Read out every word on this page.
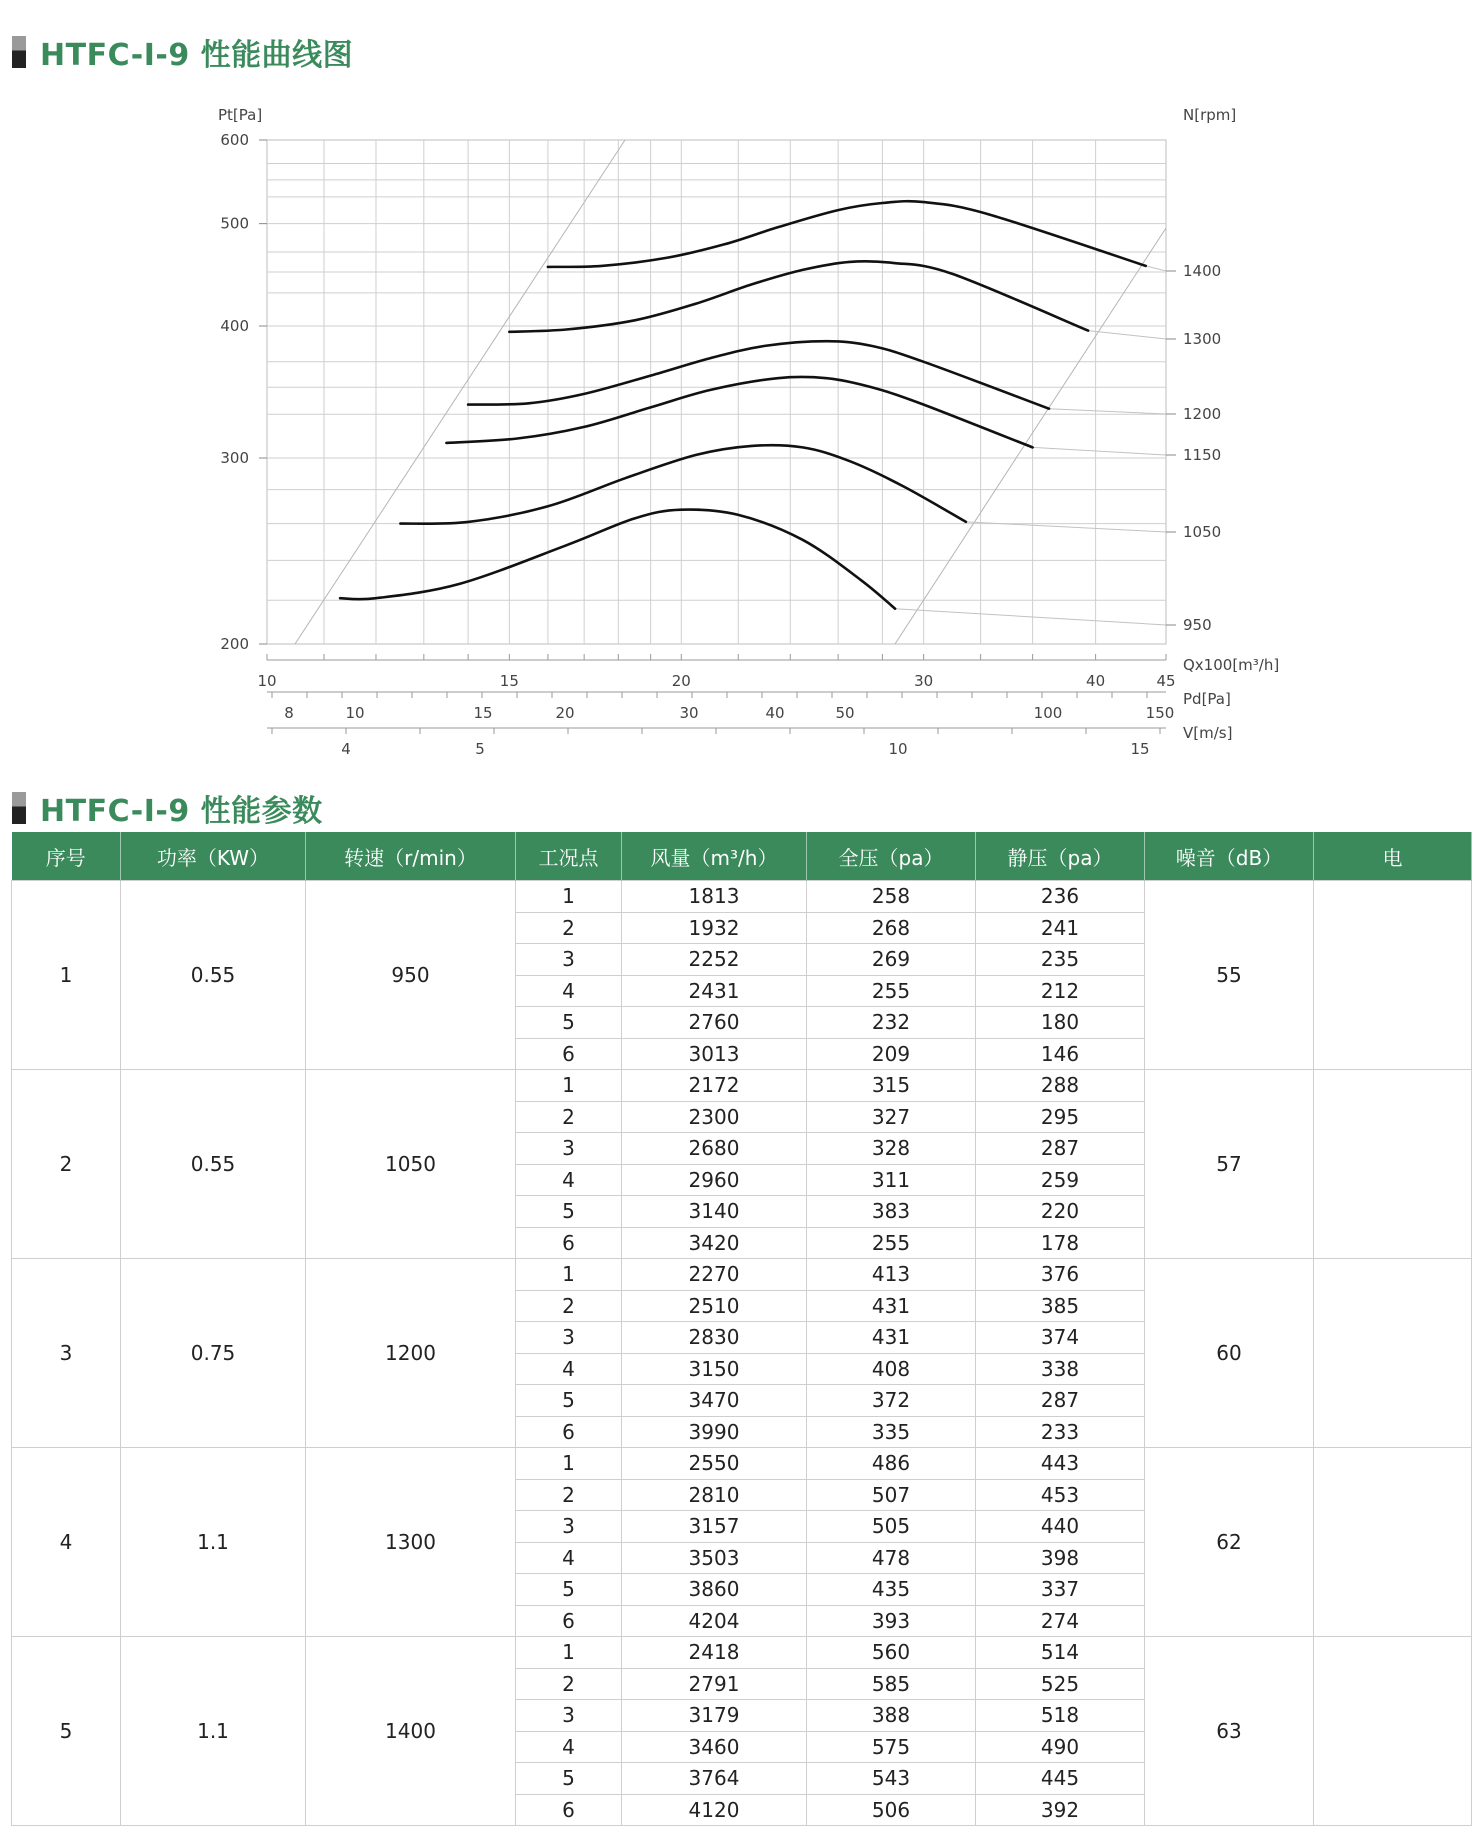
HTFC-I-9 性能曲线图
200
300
400
500
600
Pt[Pa]	N[rpm]
1400
1300
1200
1150
1050
950
10	15	20	30	40	45
Qx100[m³/h]
8	10	15	20	30	40	50	100	150
Pd[Pa]
4	5	10	15
V[m/s]
HTFC-I-9 性能参数
序号	功率（KW）	转速（r/min）	工况点	风量（m³/h）	全压（pa）	静压（pa）	噪音（dB）	电
1	0.55	950	1	1813	258	236	55	
			2	1932	268	241		
			3	2252	269	235		
			4	2431	255	212		
			5	2760	232	180		
			6	3013	209	146		
2	0.55	1050	1	2172	315	288	57	
			2	2300	327	295		
			3	2680	328	287		
			4	2960	311	259		
			5	3140	383	220		
			6	3420	255	178		
3	0.75	1200	1	2270	413	376	60	
			2	2510	431	385		
			3	2830	431	374		
			4	3150	408	338		
			5	3470	372	287		
			6	3990	335	233		
4	1.1	1300	1	2550	486	443	62	
			2	2810	507	453		
			3	3157	505	440		
			4	3503	478	398		
			5	3860	435	337		
			6	4204	393	274		
5	1.1	1400	1	2418	560	514	63	
			2	2791	585	525		
			3	3179	388	518		
			4	3460	575	490		
			5	3764	543	445		
			6	4120	506	392		
